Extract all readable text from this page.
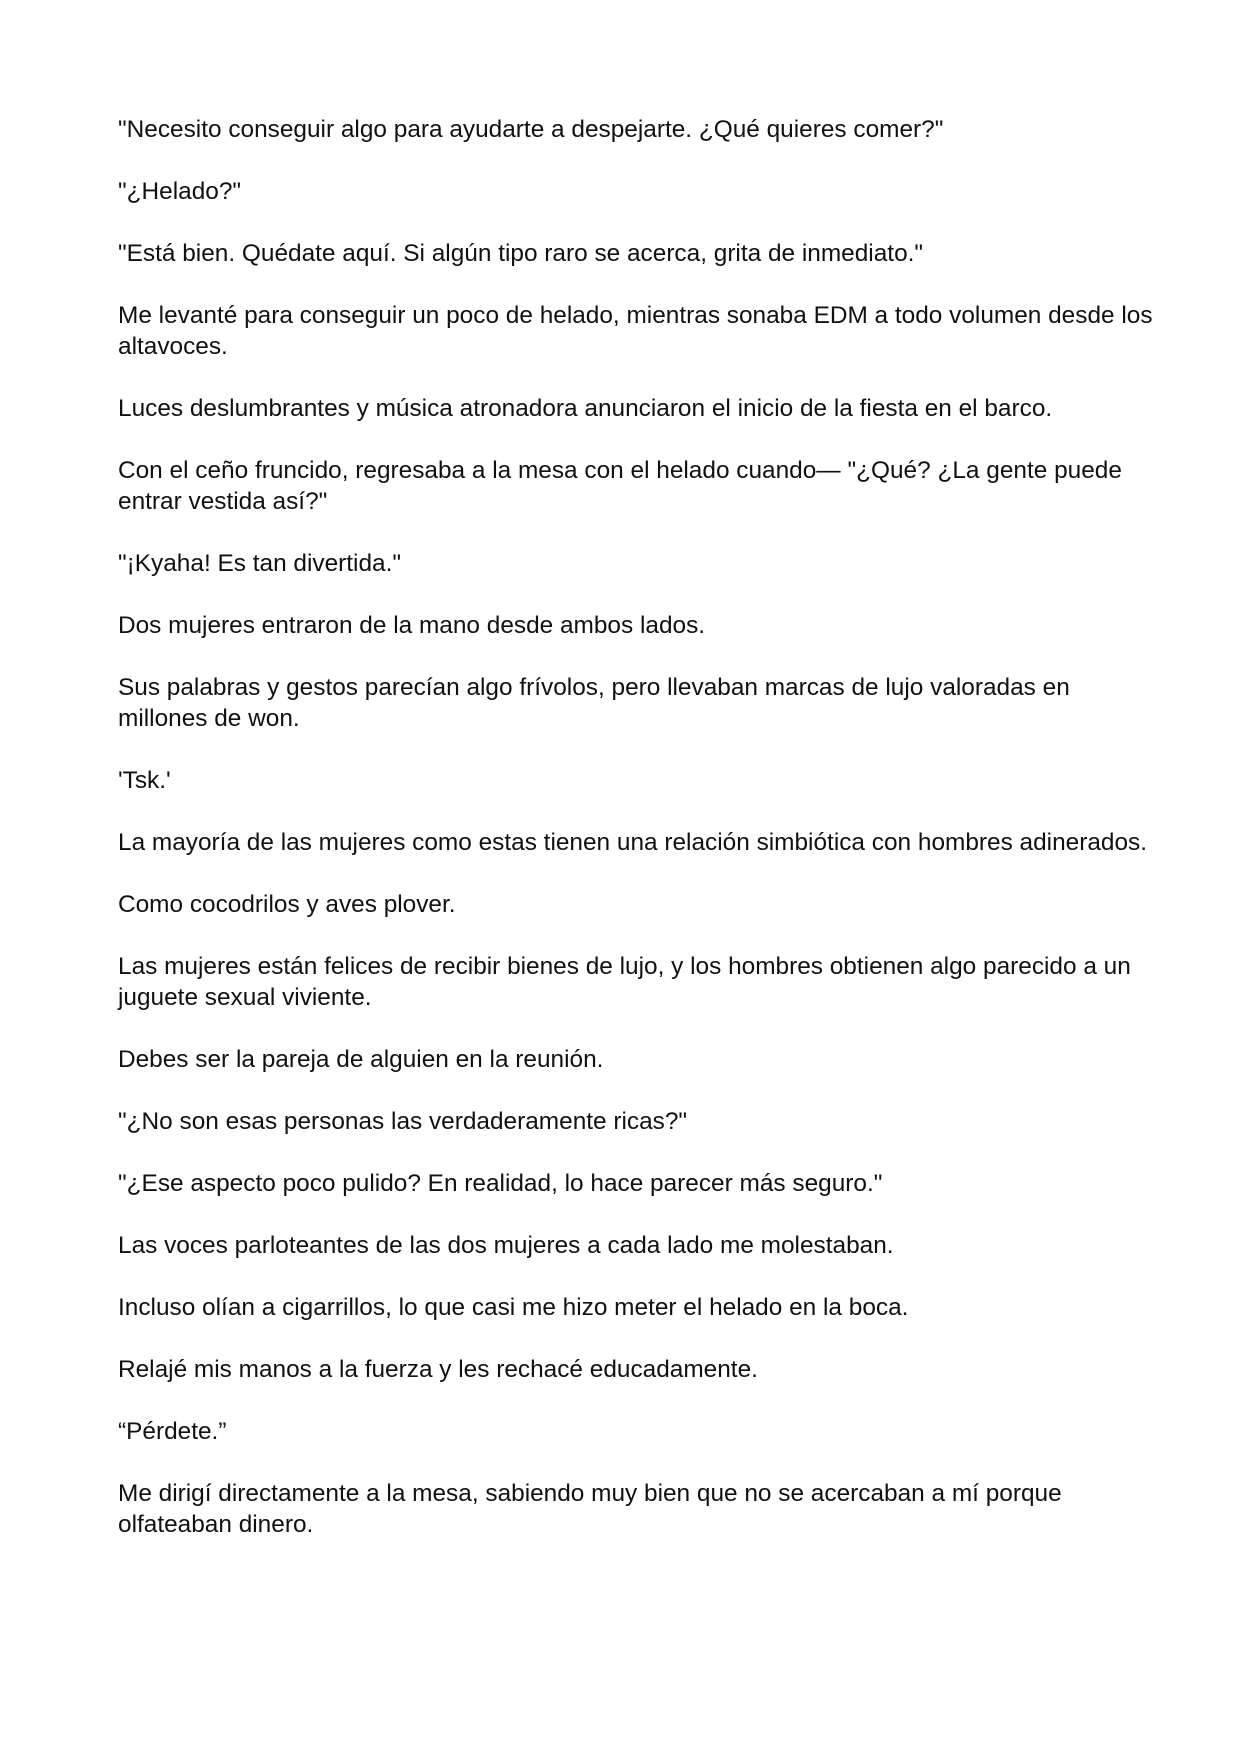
"Necesito conseguir algo para ayudarte a despejarte. ¿Qué quieres comer?"

"¿Helado?"

"Está bien. Quédate aquí. Si algún tipo raro se acerca, grita de inmediato."

Me levanté para conseguir un poco de helado, mientras sonaba EDM a todo volumen desde los altavoces.

Luces deslumbrantes y música atronadora anunciaron el inicio de la fiesta en el barco.

Con el ceño fruncido, regresaba a la mesa con el helado cuando— "¿Qué? ¿La gente puede entrar vestida así?"

"¡Kyaha! Es tan divertida."

Dos mujeres entraron de la mano desde ambos lados.

Sus palabras y gestos parecían algo frívolos, pero llevaban marcas de lujo valoradas en millones de won.

'Tsk.'

La mayoría de las mujeres como estas tienen una relación simbiótica con hombres adinerados.

Como cocodrilos y aves plover.

Las mujeres están felices de recibir bienes de lujo, y los hombres obtienen algo parecido a un juguete sexual viviente.

Debes ser la pareja de alguien en la reunión.

"¿No son esas personas las verdaderamente ricas?"

"¿Ese aspecto poco pulido? En realidad, lo hace parecer más seguro."

Las voces parloteantes de las dos mujeres a cada lado me molestaban.

Incluso olían a cigarrillos, lo que casi me hizo meter el helado en la boca.

Relajé mis manos a la fuerza y les rechacé educadamente.

“Pérdete.”

Me dirigí directamente a la mesa, sabiendo muy bien que no se acercaban a mí porque olfateaban dinero.
